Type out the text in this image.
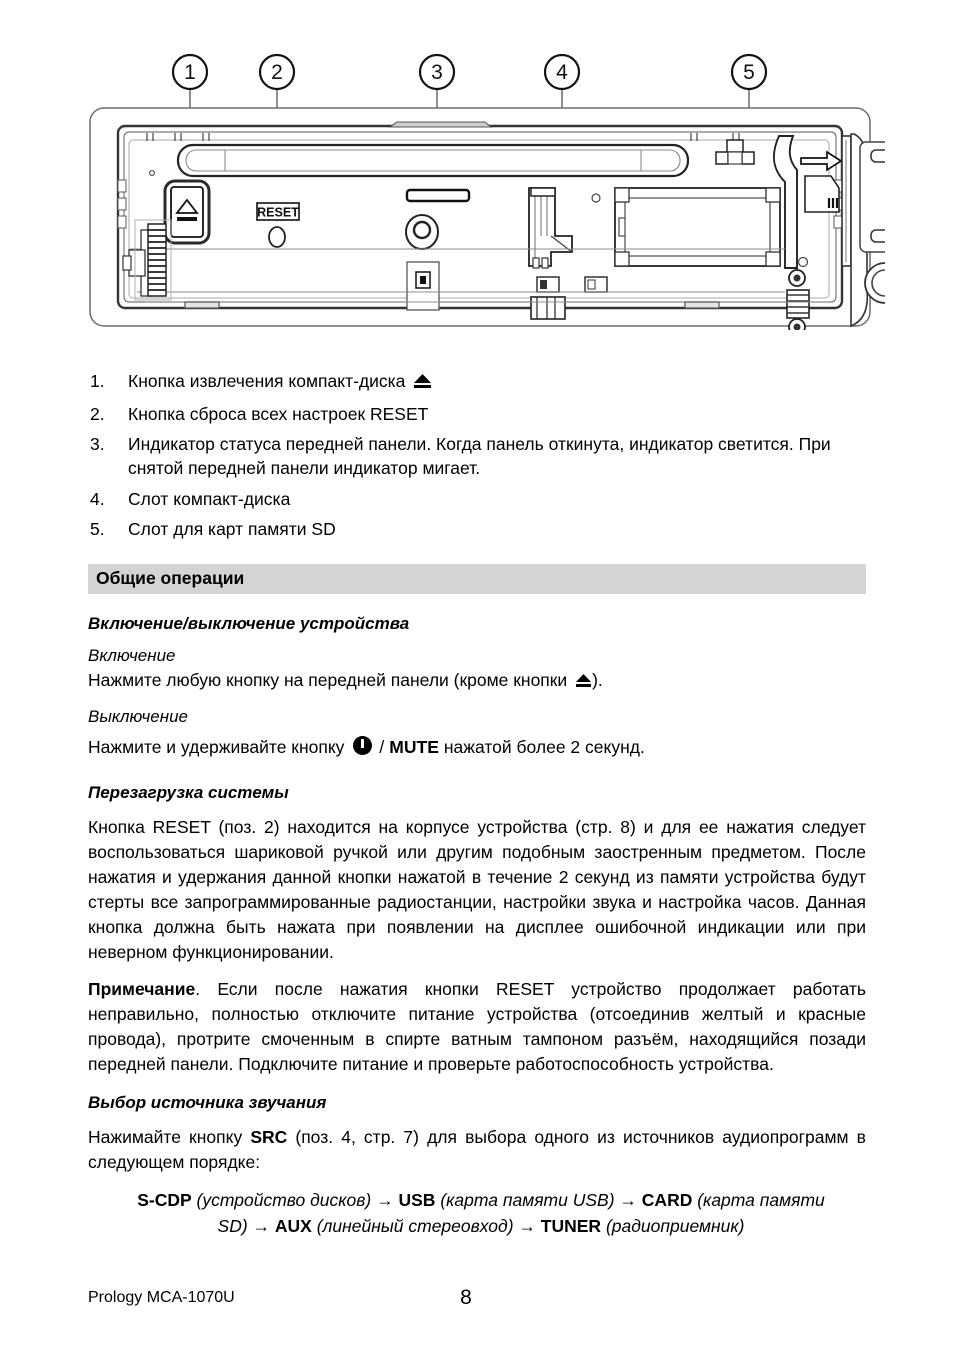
1	2	3	4	5
RESET
1.	Кнопка извлечения компакт-диска
2.	Кнопка сброса всех настроек RESET
3.	Индикатор статуса передней панели. Когда панель откинута, индикатор светится. При снятой передней панели индикатор мигает.
4.	Слот компакт-диска
5.	Слот для карт памяти SD
Общие операции
Включение/выключение устройства

Включение

Нажмите любую кнопку на передней панели (кроме кнопки ).

Выключение

Нажмите и удерживайте кнопку / MUTE нажатой более 2 секунд.
Перезагрузка системы

Кнопка RESET (поз. 2) находится на корпусе устройства (стр. 8) и для ее нажатия следует воспользоваться шариковой ручкой или другим подобным заостренным предметом. После нажатия и удержания данной кнопки нажатой в течение 2 секунд из памяти устройства будут стерты все запрограммированные радиостанции, настройки звука и настройка часов. Данная кнопка должна быть нажата при появлении на дисплее ошибочной индикации или при неверном функционировании.

Примечание. Если после нажатия кнопки RESET устройство продолжает работать неправильно, полностью отключите питание устройства (отсоединив желтый и красные провода), протрите смоченным в спирте ватным тампоном разъём, находящийся позади передней панели. Подключите питание и проверьте работоспособность устройства.

Выбор источника звучания

Нажимайте кнопку SRC (поз. 4, стр. 7) для выбора одного из источников аудиопрограмм в следующем порядке:

S-CDP (устройство дисков) → USB (карта памяти USB) → CARD (карта памяти SD) → AUX (линейный стереовход) → TUNER (радиоприемник)

Prology MCA-1070U	8
